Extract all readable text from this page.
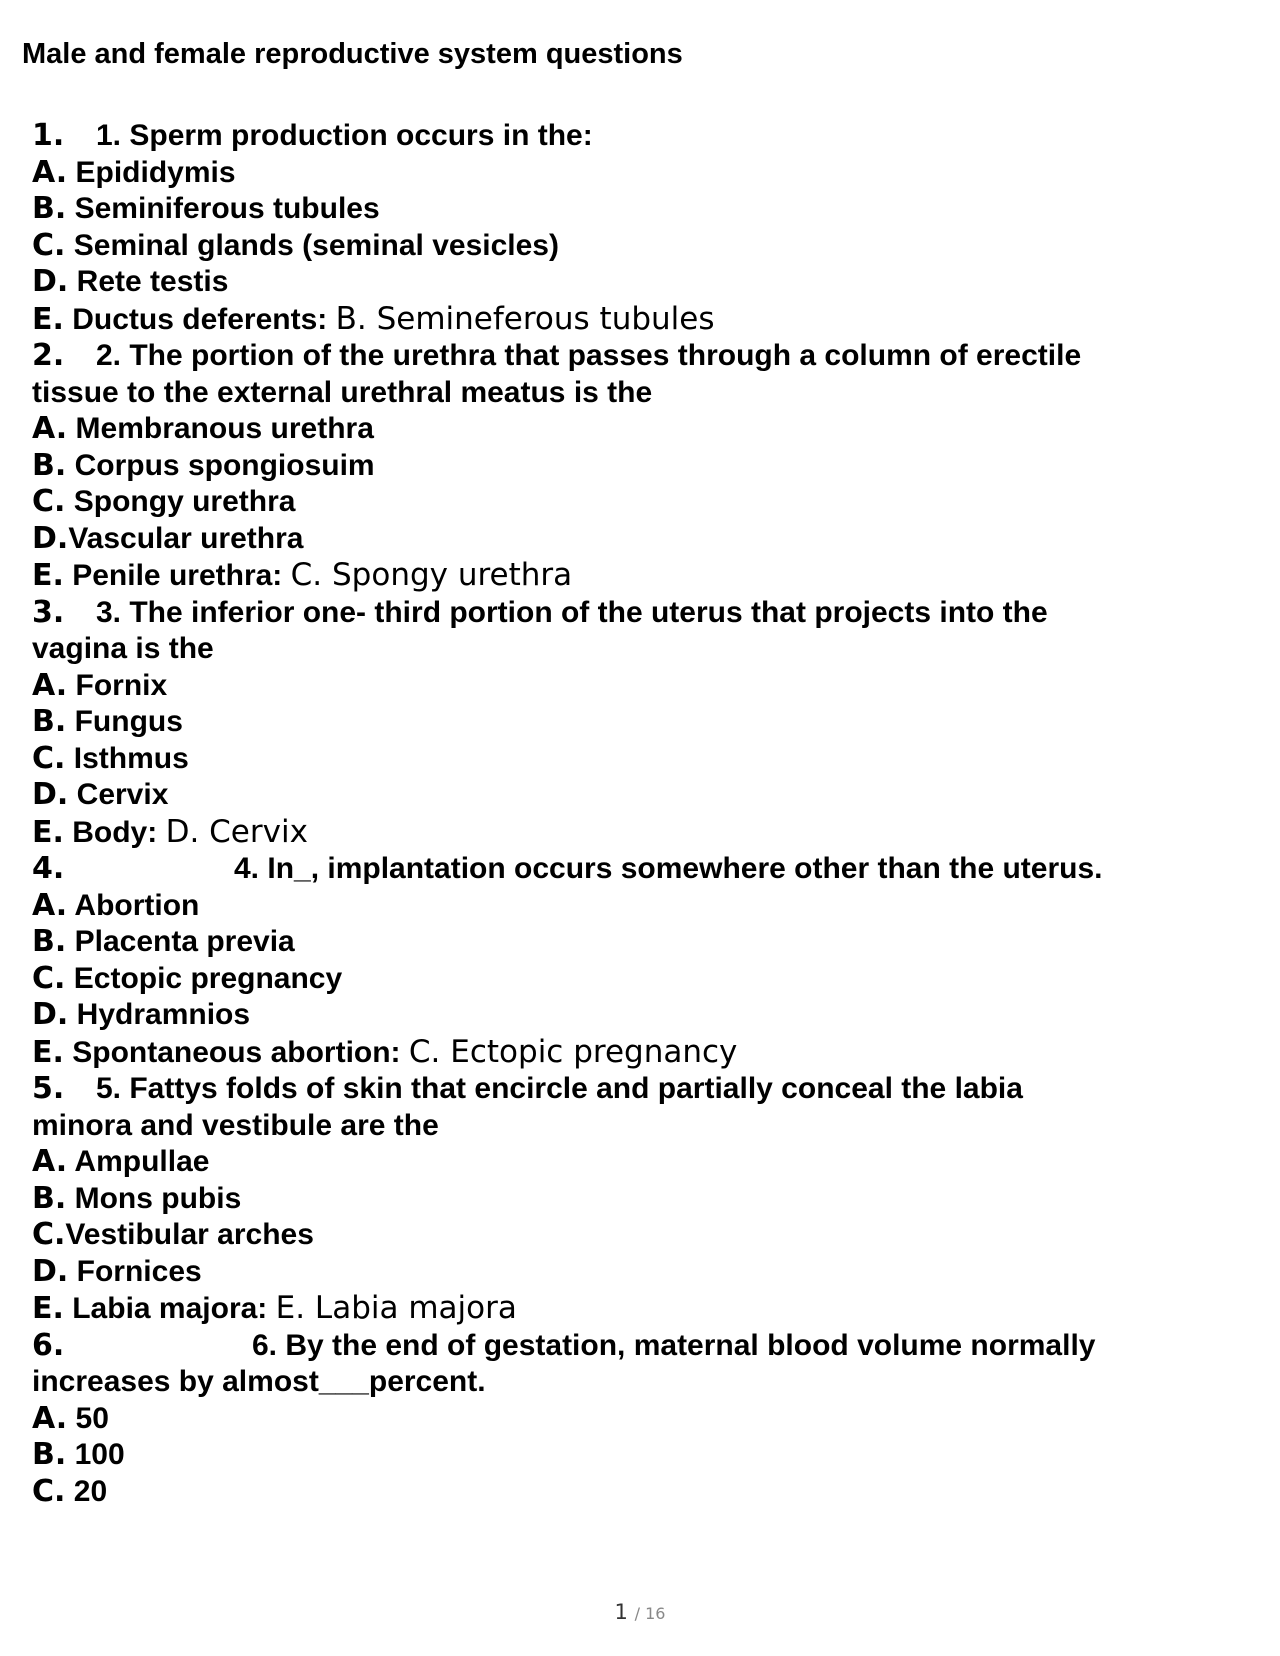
Male and female reproductive system questions
1. 1. Sperm production occurs in the:
A. Epididymis
B. Seminiferous tubules
C. Seminal glands (seminal vesicles)
D. Rete testis
E. Ductus deferents: B. Semineferous tubules
2. 2. The portion of the urethra that passes through a column of erectile
tissue to the external urethral meatus is the
A. Membranous urethra
B. Corpus spongiosuim
C. Spongy urethra
D.Vascular urethra
E. Penile urethra: C. Spongy urethra
3. 3. The inferior one- third portion of the uterus that projects into the
vagina is the
A. Fornix
B. Fungus
C. Isthmus
D. Cervix
E. Body: D. Cervix
4.	4. In_, implantation occurs somewhere other than the uterus.
A. Abortion
B. Placenta previa
C. Ectopic pregnancy
D. Hydramnios
E. Spontaneous abortion: C. Ectopic pregnancy
5. 5. Fattys folds of skin that encircle and partially conceal the labia
minora and vestibule are the
A. Ampullae
B. Mons pubis
C.Vestibular arches
D. Fornices
E. Labia majora: E. Labia majora
6.	6. By the end of gestation, maternal blood volume normally
increases by almost___percent.
A. 50
B. 100
C. 20
1 / 16
